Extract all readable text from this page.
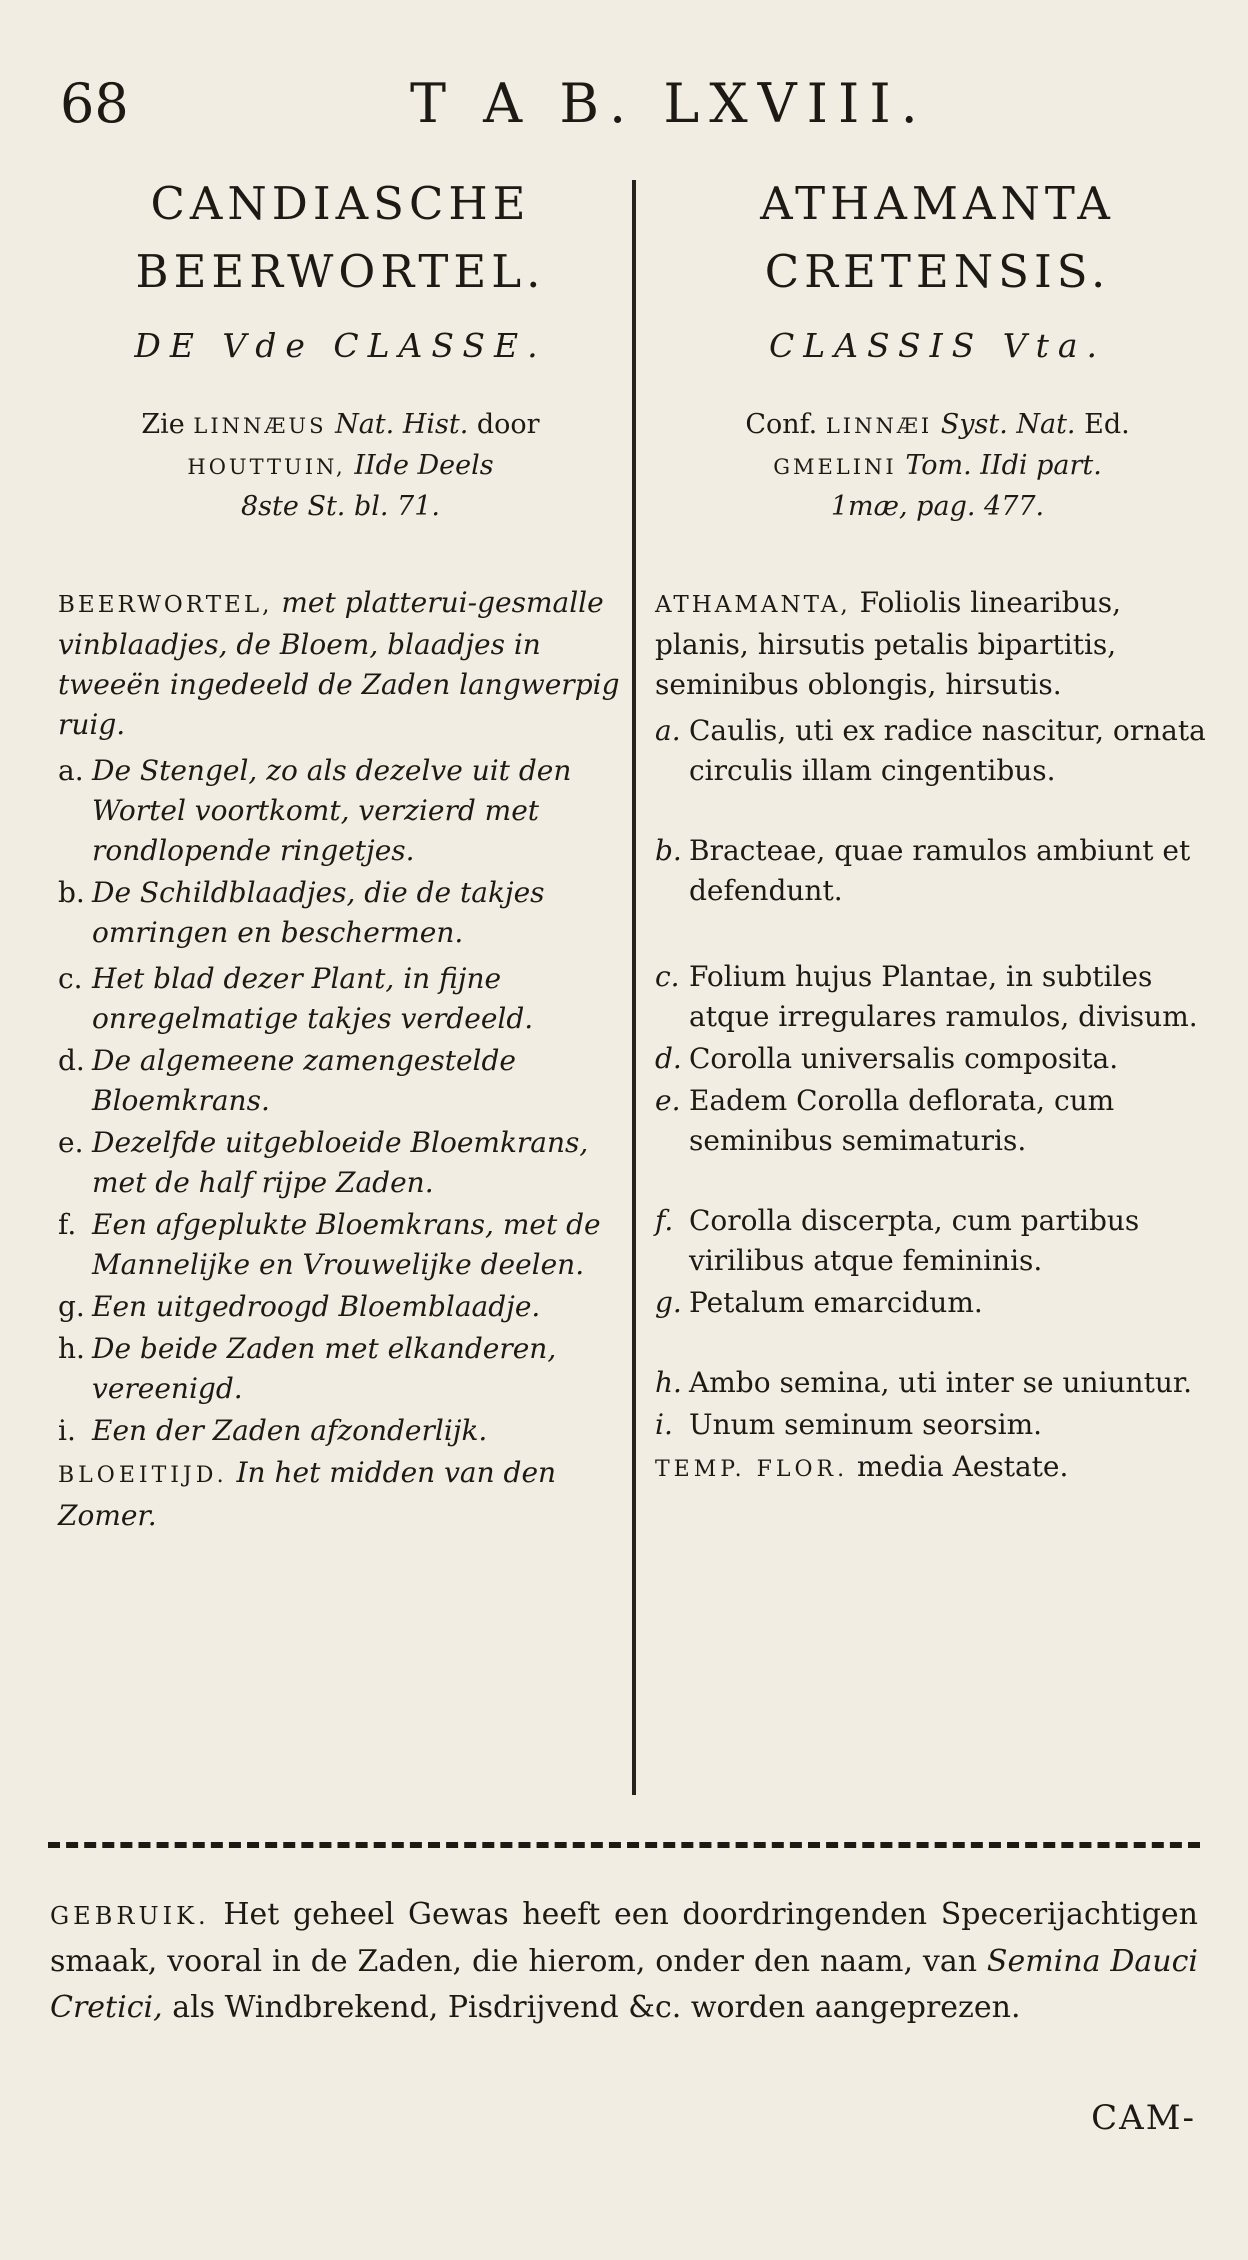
68	T A B. LXVIII.
CANDIASCHE
BEERWORTEL.
DE Vde CLASSE.
Zie LINNÆUS Nat. Hist. door
HOUTTUIN, IIde Deels
8ste St. bl. 71.
BEERWORTEL, met platterui-gesmalle vinblaadjes, de Bloem, blaadjes in tweeën ingedeeld de Zaden langwerpig ruig.
a. De Stengel, zo als dezelve uit den Wortel voortkomt, verzierd met rondlopende ringetjes.
b. De Schildblaadjes, die de takjes omringen en beschermen.
c. Het blad dezer Plant, in fijne onregelmatige takjes verdeeld.
d. De algemeene zamengestelde Bloemkrans.
e. Dezelfde uitgebloeide Bloemkrans, met de half rijpe Zaden.
f. Een afgeplukte Bloemkrans, met de Mannelijke en Vrouwelijke deelen.
g. Een uitgedroogd Bloemblaadje.
h. De beide Zaden met elkanderen, vereenigd.
i. Een der Zaden afzonderlijk.
BLOEITIJD. In het midden van den Zomer.
ATHAMANTA
CRETENSIS.
CLASSIS Vta.
Conf. LINNÆI Syst. Nat. Ed.
GMELINI Tom. IIdi part.
1mæ, pag. 477.
ATHAMANTA, Foliolis linearibus, planis, hirsutis petalis bipartitis, seminibus oblongis, hirsutis.
a. Caulis, uti ex radice nascitur, ornata circulis illam cingentibus.
b. Bracteae, quae ramulos ambiunt et defendunt.
c. Folium hujus Plantae, in subtiles atque irregulares ramulos, divisum.
d. Corolla universalis composita.
e. Eadem Corolla deflorata, cum seminibus semimaturis.
f. Corolla discerpta, cum partibus virilibus atque femininis.
g. Petalum emarcidum.
h. Ambo semina, uti inter se uniuntur.
i. Unum seminum seorsim.
TEMP. FLOR. media Aestate.
GEBRUIK. Het geheel Gewas heeft een doordringenden Specerijachtigen smaak, vooral in de Zaden, die hierom, onder den naam, van Semina Dauci Cretici, als Windbrekend, Pisdrijvend &c. worden aangeprezen.
CAM-
